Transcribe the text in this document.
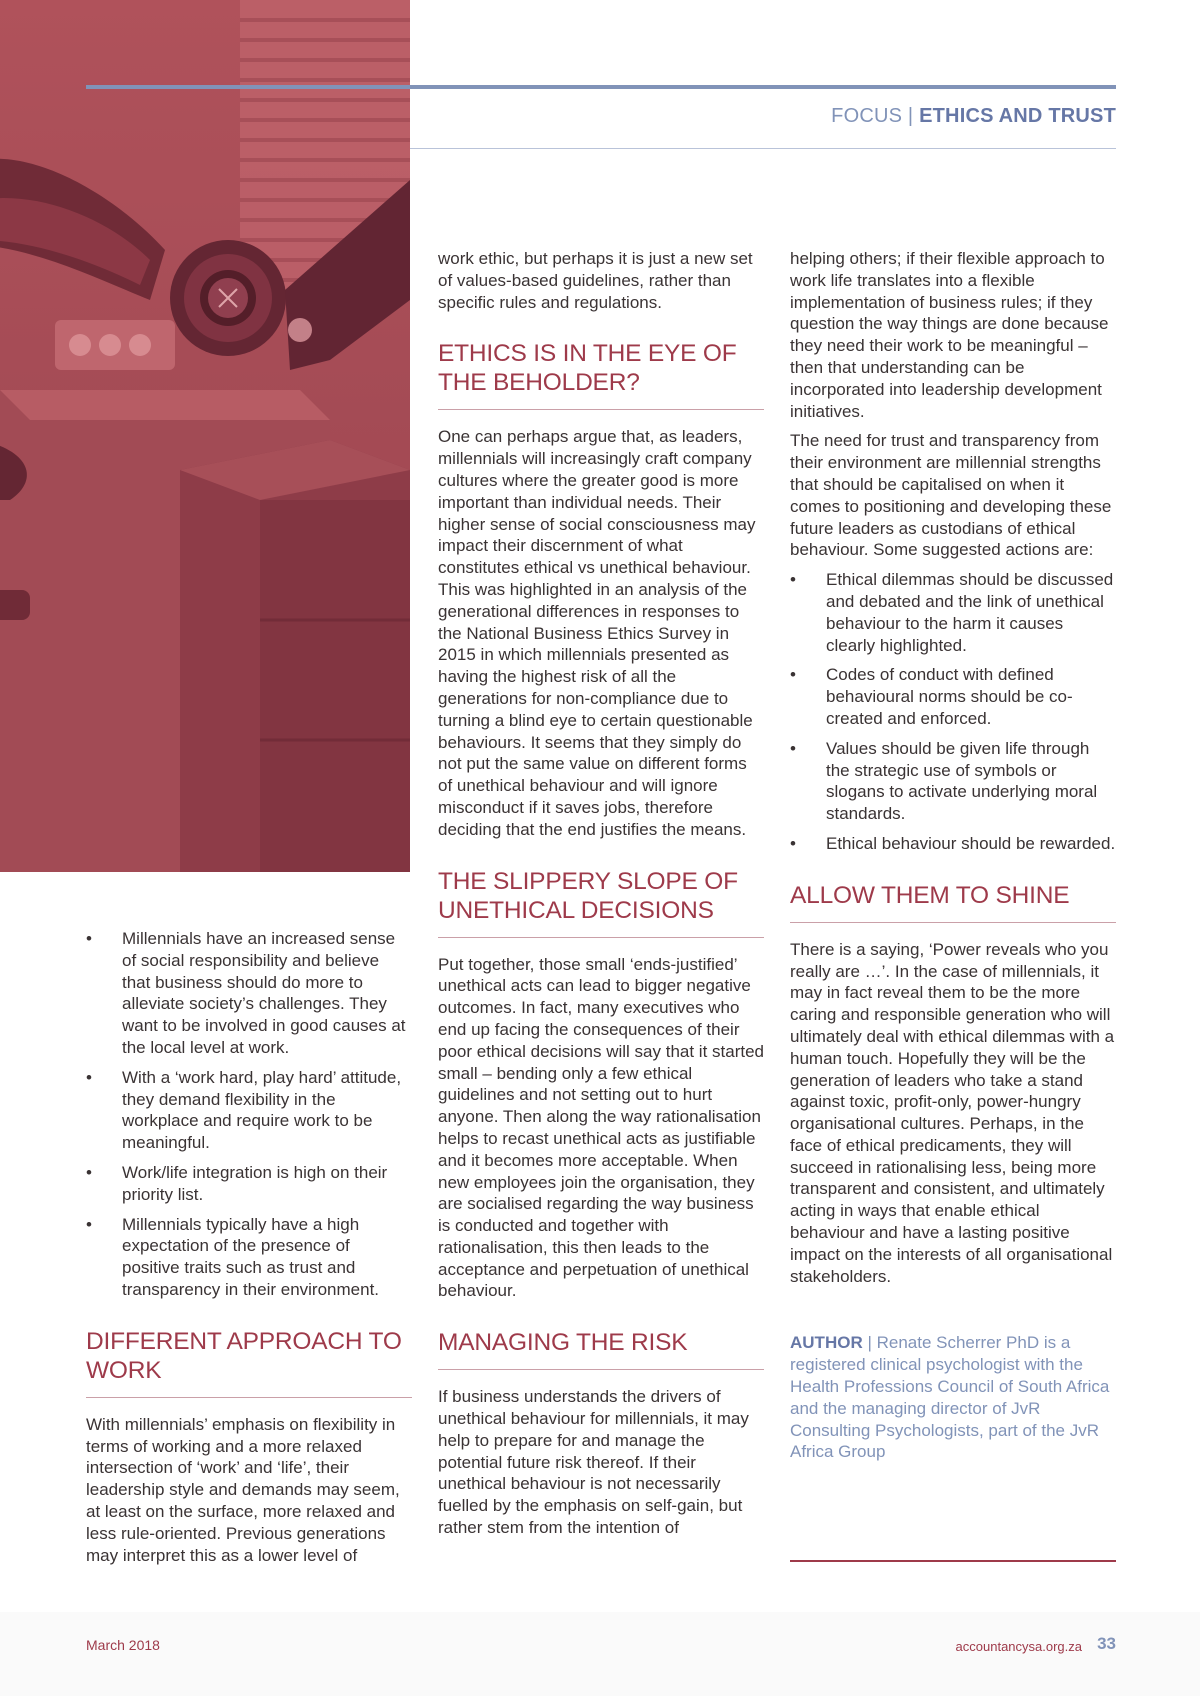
FOCUS | ETHICS AND TRUST
• Millennials have an increased sense of social responsibility and believe that business should do more to alleviate society’s challenges. They want to be involved in good causes at the local level at work.
• With a ‘work hard, play hard’ attitude, they demand flexibility in the workplace and require work to be meaningful.
• Work/life integration is high on their priority list.
• Millennials typically have a high expectation of the presence of positive traits such as trust and transparency in their environment.
DIFFERENT APPROACH TO WORK

With millennials’ emphasis on flexibility in terms of working and a more relaxed intersection of ‘work’ and ‘life’, their leadership style and demands may seem, at least on the surface, more relaxed and less rule-oriented. Previous generations may interpret this as a lower level of

work ethic, but perhaps it is just a new set of values-based guidelines, rather than specific rules and regulations.

ETHICS IS IN THE EYE OF THE BEHOLDER?

One can perhaps argue that, as leaders, millennials will increasingly craft company cultures where the greater good is more important than individual needs. Their higher sense of social consciousness may impact their discernment of what constitutes ethical vs unethical behaviour. This was highlighted in an analysis of the generational differences in responses to the National Business Ethics Survey in 2015 in which millennials presented as having the highest risk of all the generations for non-compliance due to turning a blind eye to certain questionable behaviours. It seems that they simply do not put the same value on different forms of unethical behaviour and will ignore misconduct if it saves jobs, therefore deciding that the end justifies the means.

THE SLIPPERY SLOPE OF UNETHICAL DECISIONS

Put together, those small ‘ends-justified’ unethical acts can lead to bigger negative outcomes. In fact, many executives who end up facing the consequences of their poor ethical decisions will say that it started small – bending only a few ethical guidelines and not setting out to hurt anyone. Then along the way rationalisation helps to recast unethical acts as justifiable and it becomes more acceptable. When new employees join the organisation, they are socialised regarding the way business is conducted and together with rationalisation, this then leads to the acceptance and perpetuation of unethical behaviour.

MANAGING THE RISK

If business understands the drivers of unethical behaviour for millennials, it may help to prepare for and manage the potential future risk thereof. If their unethical behaviour is not necessarily fuelled by the emphasis on self-gain, but rather stem from the intention of

helping others; if their flexible approach to work life translates into a flexible implementation of business rules; if they question the way things are done because they need their work to be meaningful – then that understanding can be incorporated into leadership development initiatives.

The need for trust and transparency from their environment are millennial strengths that should be capitalised on when it comes to positioning and developing these future leaders as custodians of ethical behaviour. Some suggested actions are:

• Ethical dilemmas should be discussed and debated and the link of unethical behaviour to the harm it causes clearly highlighted.
• Codes of conduct with defined behavioural norms should be co-created and enforced.
• Values should be given life through the strategic use of symbols or slogans to activate underlying moral standards.
• Ethical behaviour should be rewarded.
ALLOW THEM TO SHINE

There is a saying, ‘Power reveals who you really are …’. In the case of millennials, it may in fact reveal them to be the more caring and responsible generation who will ultimately deal with ethical dilemmas with a human touch. Hopefully they will be the generation of leaders who take a stand against toxic, profit-only, power-hungry organisational cultures. Perhaps, in the face of ethical predicaments, they will succeed in rationalising less, being more transparent and consistent, and ultimately acting in ways that enable ethical behaviour and have a lasting positive impact on the interests of all organisational stakeholders.

AUTHOR | Renate Scherrer PhD is a registered clinical psychologist with the Health Professions Council of South Africa and the managing director of JvR Consulting Psychologists, part of the JvR Africa Group
March 2018	accountancysa.org.za 33
